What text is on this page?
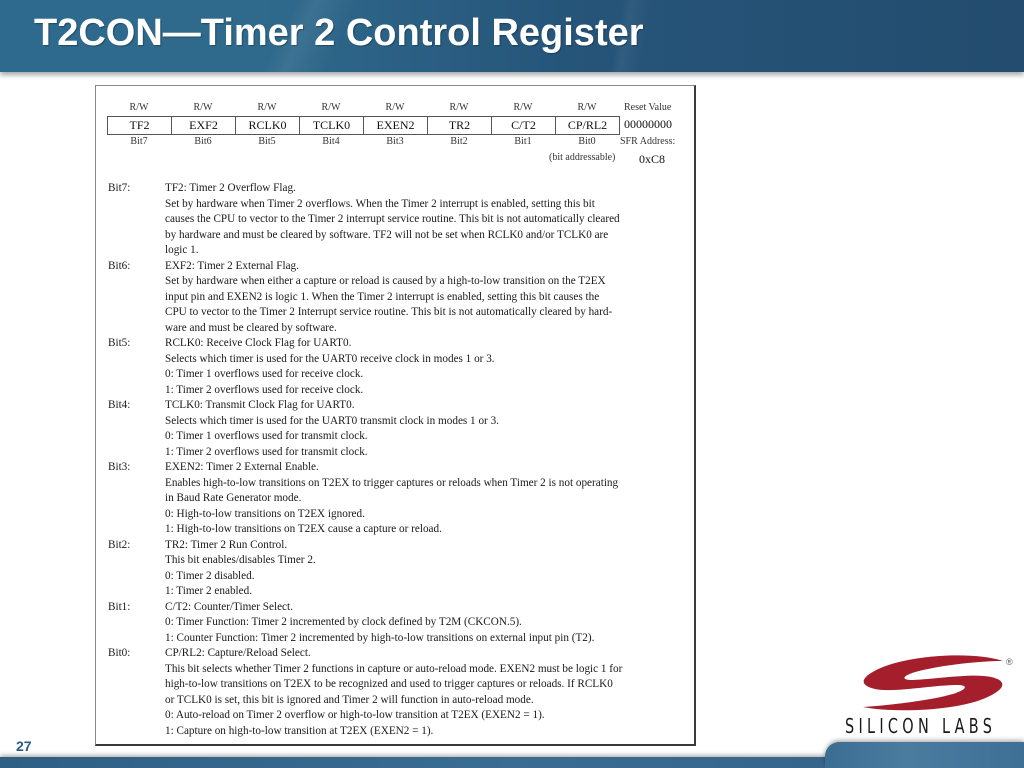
T2CON—Timer 2 Control Register
R/W	R/W	R/W	R/W	R/W	R/W	R/W	R/W	Reset Value
TF2	EXF2	RCLK0	TCLK0	EXEN2	TR2	C/T2	CP/RL2	00000000
Bit7	Bit6	Bit5	Bit4	Bit3	Bit2	Bit1	Bit0	SFR Address:
(bit addressable) 0xC8
Bit7:	TF2: Timer 2 Overflow Flag.
Set by hardware when Timer 2 overflows. When the Timer 2 interrupt is enabled, setting this bit
causes the CPU to vector to the Timer 2 interrupt service routine. This bit is not automatically cleared
by hardware and must be cleared by software. TF2 will not be set when RCLK0 and/or TCLK0 are
logic 1.
Bit6:	EXF2: Timer 2 External Flag.
Set by hardware when either a capture or reload is caused by a high-to-low transition on the T2EX
input pin and EXEN2 is logic 1. When the Timer 2 interrupt is enabled, setting this bit causes the
CPU to vector to the Timer 2 Interrupt service routine. This bit is not automatically cleared by hard-
ware and must be cleared by software.
Bit5:	RCLK0: Receive Clock Flag for UART0.
Selects which timer is used for the UART0 receive clock in modes 1 or 3.
0: Timer 1 overflows used for receive clock.
1: Timer 2 overflows used for receive clock.
Bit4:	TCLK0: Transmit Clock Flag for UART0.
Selects which timer is used for the UART0 transmit clock in modes 1 or 3.
0: Timer 1 overflows used for transmit clock.
1: Timer 2 overflows used for transmit clock.
Bit3:	EXEN2: Timer 2 External Enable.
Enables high-to-low transitions on T2EX to trigger captures or reloads when Timer 2 is not operating
in Baud Rate Generator mode.
0: High-to-low transitions on T2EX ignored.
1: High-to-low transitions on T2EX cause a capture or reload.
Bit2:	TR2: Timer 2 Run Control.
This bit enables/disables Timer 2.
0: Timer 2 disabled.
1: Timer 2 enabled.
Bit1:	C/T2: Counter/Timer Select.
0: Timer Function: Timer 2 incremented by clock defined by T2M (CKCON.5).
1: Counter Function: Timer 2 incremented by high-to-low transitions on external input pin (T2).
Bit0:	CP/RL2: Capture/Reload Select.
This bit selects whether Timer 2 functions in capture or auto-reload mode. EXEN2 must be logic 1 for
high-to-low transitions on T2EX to be recognized and used to trigger captures or reloads. If RCLK0
or TCLK0 is set, this bit is ignored and Timer 2 will function in auto-reload mode.
0: Auto-reload on Timer 2 overflow or high-to-low transition at T2EX (EXEN2 = 1).
1: Capture on high-to-low transition at T2EX (EXEN2 = 1).
®
SILICON LABS
27
